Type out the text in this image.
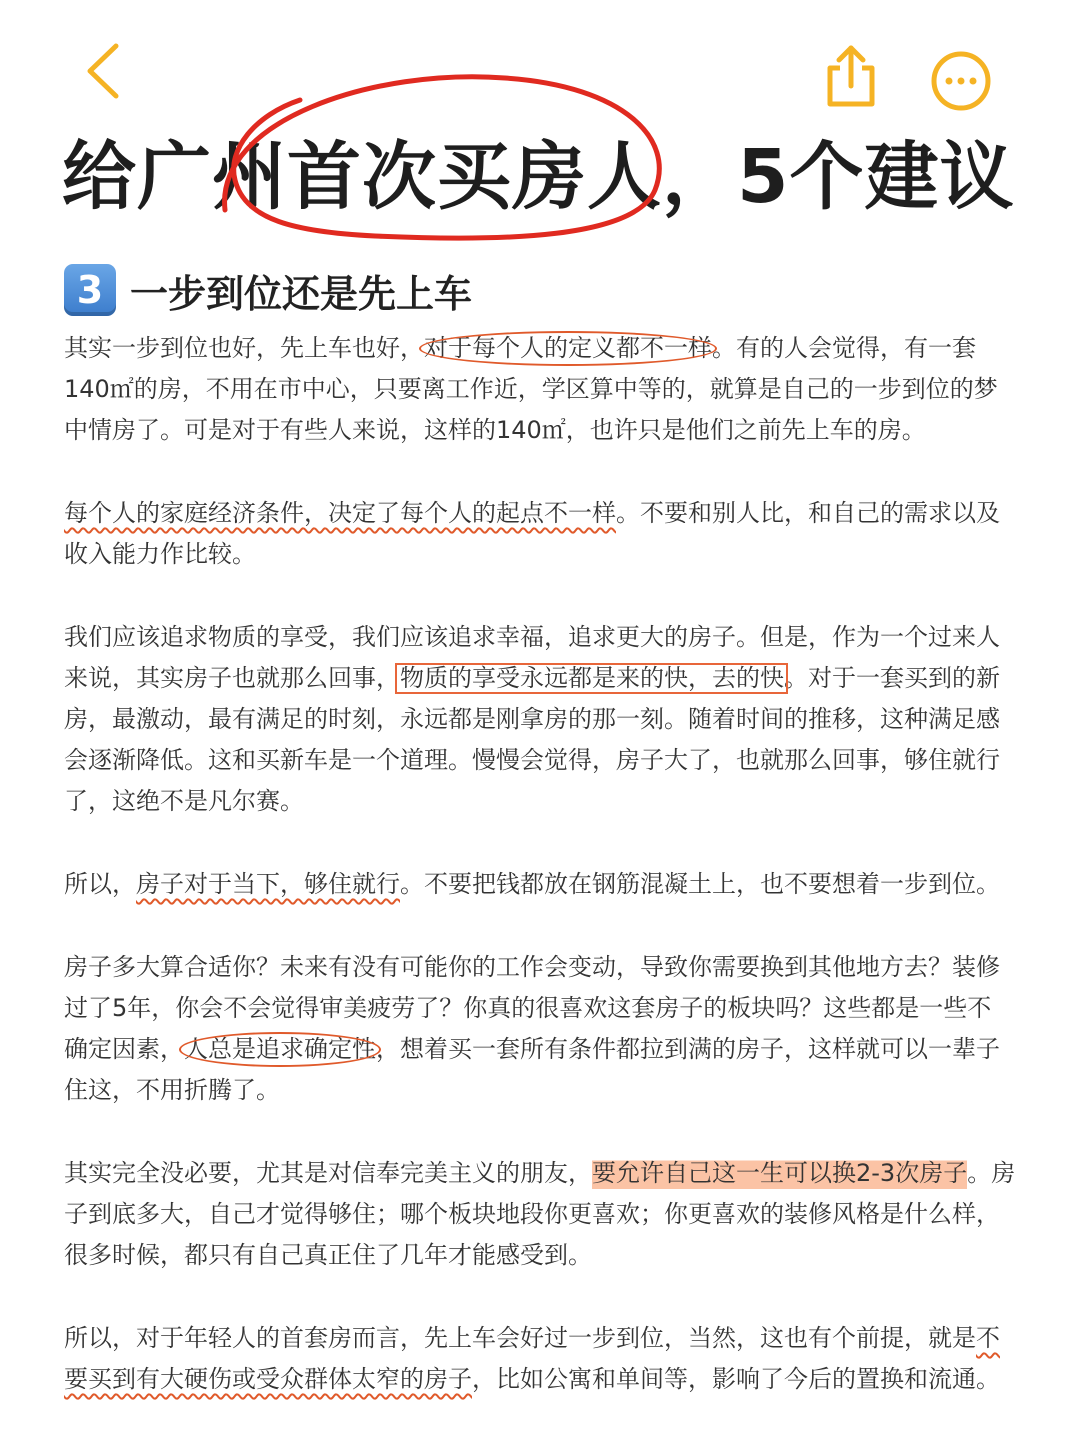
给广州首次买房人，5个建议
3 一步到位还是先上车
其实一步到位也好，先上车也好，对于每个人的定义都不一样。有的人会觉得，有一套
140㎡的房，不用在市中心，只要离工作近，学区算中等的，就算是自己的一步到位的梦
中情房了。可是对于有些人来说，这样的140㎡，也许只是他们之前先上车的房。
每个人的家庭经济条件，决定了每个人的起点不一样。不要和别人比，和自己的需求以及
收入能力作比较。
我们应该追求物质的享受，我们应该追求幸福，追求更大的房子。但是，作为一个过来人
来说，其实房子也就那么回事，物质的享受永远都是来的快，去的快。对于一套买到的新
房，最激动，最有满足的时刻，永远都是刚拿房的那一刻。随着时间的推移，这种满足感
会逐渐降低。这和买新车是一个道理。慢慢会觉得，房子大了，也就那么回事，够住就行
了，这绝不是凡尔赛。
所以，房子对于当下，够住就行。不要把钱都放在钢筋混凝土上，也不要想着一步到位。
房子多大算合适你？未来有没有可能你的工作会变动，导致你需要换到其他地方去？装修
过了5年，你会不会觉得审美疲劳了？你真的很喜欢这套房子的板块吗？这些都是一些不
确定因素，人总是追求确定性，想着买一套所有条件都拉到满的房子，这样就可以一辈子
住这，不用折腾了。
其实完全没必要，尤其是对信奉完美主义的朋友，要允许自己这一生可以换2-3次房子。房
子到底多大，自己才觉得够住；哪个板块地段你更喜欢；你更喜欢的装修风格是什么样，
很多时候，都只有自己真正住了几年才能感受到。
所以，对于年轻人的首套房而言，先上车会好过一步到位，当然，这也有个前提，就是不
要买到有大硬伤或受众群体太窄的房子，比如公寓和单间等，影响了今后的置换和流通。
